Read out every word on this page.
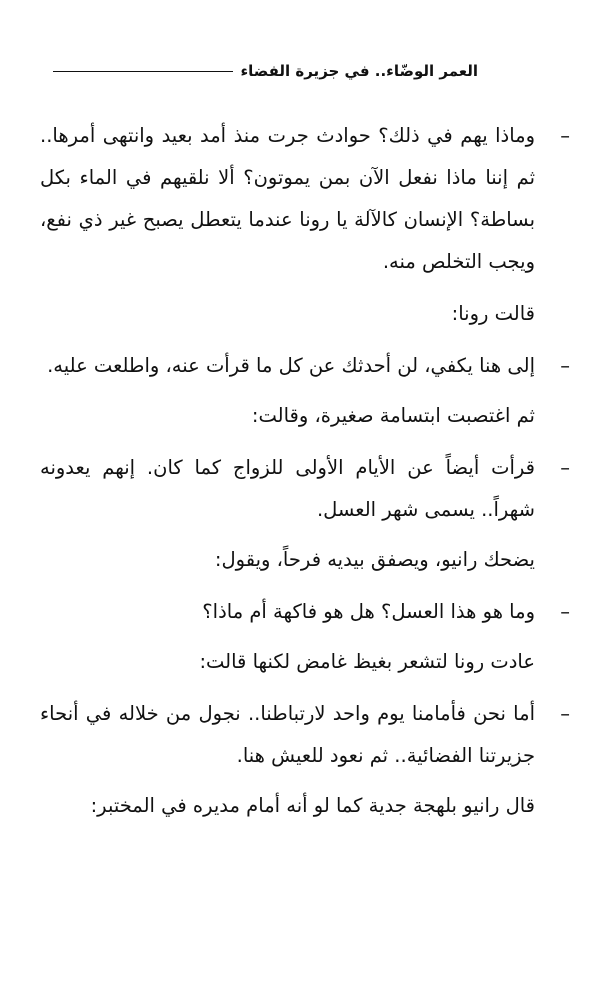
العمر الوضّاء.. في جزيرة الفضاء

–
وماذا يهم في ذلك؟ حوادث جرت منذ أمد بعيد وانتهى أمرها.. ثم إننا ماذا نفعل الآن بمن يموتون؟ ألا نلقيهم في الماء بكل بساطة؟ الإنسان كالآلة يا رونا عندما يتعطل يصبح غير ذي نفع، ويجب التخلص منه.

قالت رونا:

–
إلى هنا يكفي، لن أحدثك عن كل ما قرأت عنه، واطلعت عليه.

ثم اغتصبت ابتسامة صغيرة، وقالت:

–
قرأت أيضاً عن الأيام الأولى للزواج كما كان. إنهم يعدونه شهراً.. يسمى شهر العسل.

يضحك رانيو، ويصفق بيديه فرحاً، ويقول:

–
وما هو هذا العسل؟ هل هو فاكهة أم ماذا؟

عادت رونا لتشعر بغيظ غامض لكنها قالت:

–
أما نحن فأمامنا يوم واحد لارتباطنا.. نجول من خلاله في أنحاء جزيرتنا الفضائية.. ثم نعود للعيش هنا.

قال رانيو بلهجة جدية كما لو أنه أمام مديره في المختبر:
